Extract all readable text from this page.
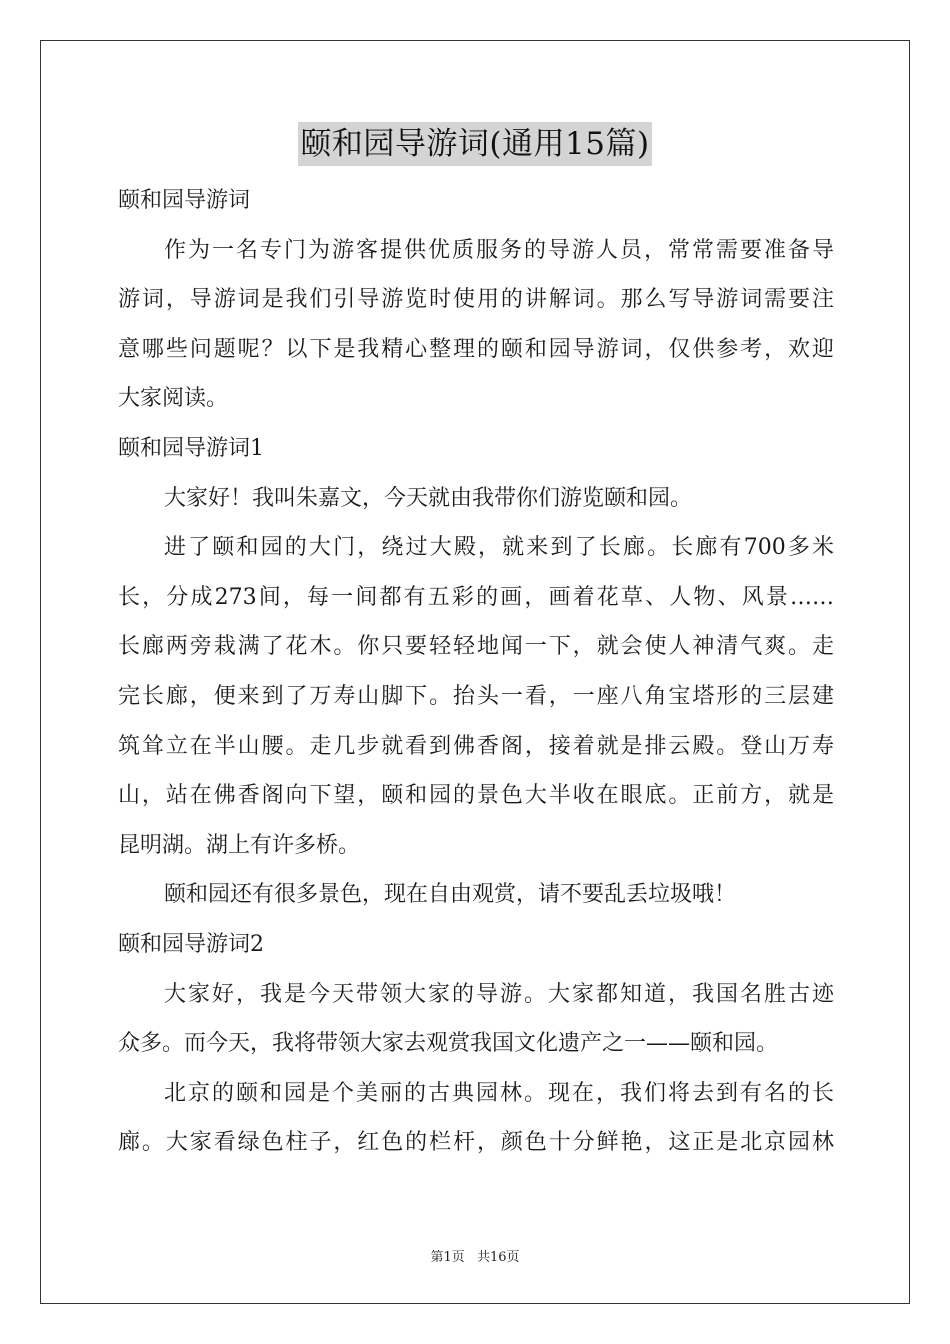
颐和园导游词(通用15篇)
颐和园导游词
作为一名专门为游客提供优质服务的导游人员，常常需要准备导
游词，导游词是我们引导游览时使用的讲解词。那么写导游词需要注
意哪些问题呢？以下是我精心整理的颐和园导游词，仅供参考，欢迎
大家阅读。
颐和园导游词1
大家好！我叫朱嘉文，今天就由我带你们游览颐和园。
进了颐和园的大门，绕过大殿，就来到了长廊。长廊有700多米
长，分成273间，每一间都有五彩的画，画着花草、人物、风景……
长廊两旁栽满了花木。你只要轻轻地闻一下，就会使人神清气爽。走
完长廊，便来到了万寿山脚下。抬头一看，一座八角宝塔形的三层建
筑耸立在半山腰。走几步就看到佛香阁，接着就是排云殿。登山万寿
山，站在佛香阁向下望，颐和园的景色大半收在眼底。正前方，就是
昆明湖。湖上有许多桥。
颐和园还有很多景色，现在自由观赏，请不要乱丢垃圾哦！
颐和园导游词2
大家好，我是今天带领大家的导游。大家都知道，我国名胜古迹
众多。而今天，我将带领大家去观赏我国文化遗产之一——颐和园。
北京的颐和园是个美丽的古典园林。现在，我们将去到有名的长
廊。大家看绿色柱子，红色的栏杆，颜色十分鲜艳，这正是北京园林
第1页 共16页
